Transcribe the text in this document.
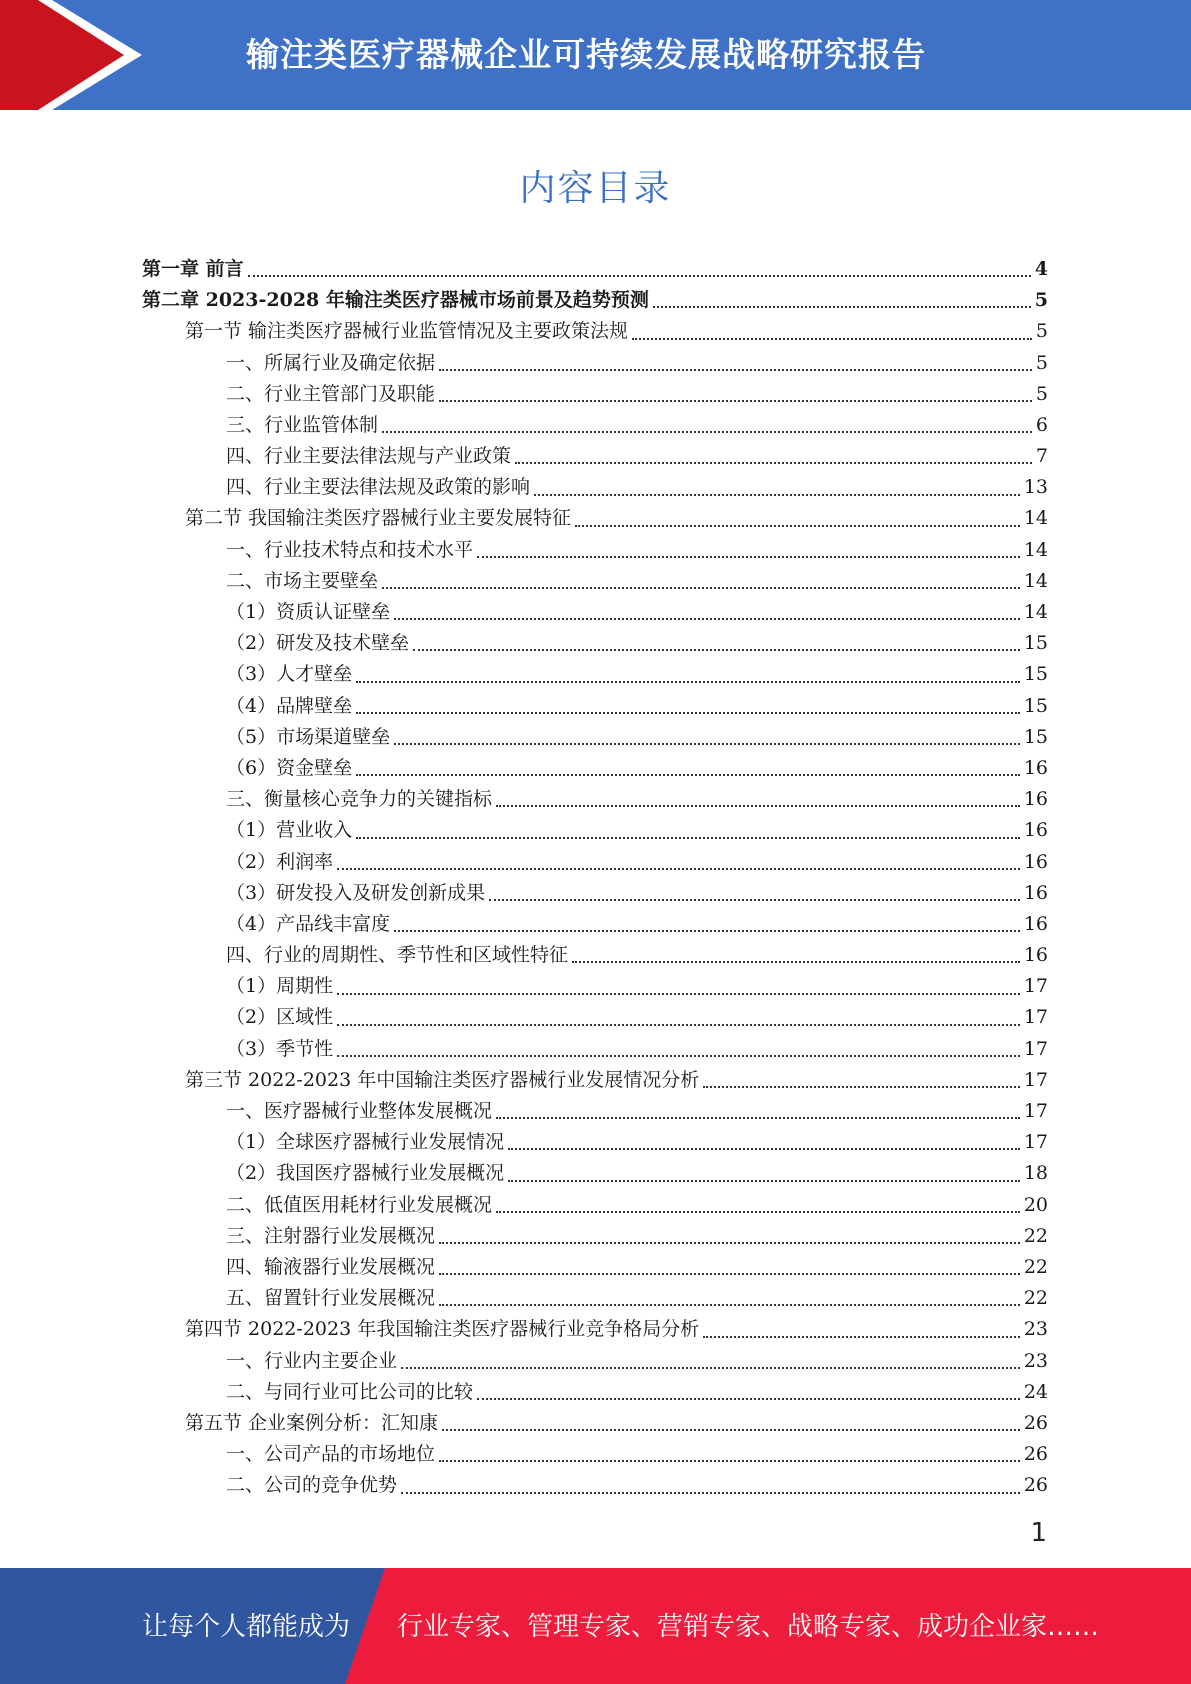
输注类医疗器械企业可持续发展战略研究报告
内容目录
第一章 前言	4
第二章 2023-2028 年输注类医疗器械市场前景及趋势预测	5
第一节 输注类医疗器械行业监管情况及主要政策法规	5
一、所属行业及确定依据	5
二、行业主管部门及职能	5
三、行业监管体制	6
四、行业主要法律法规与产业政策	7
四、行业主要法律法规及政策的影响	13
第二节 我国输注类医疗器械行业主要发展特征	14
一、行业技术特点和技术水平	14
二、市场主要壁垒	14
（1）资质认证壁垒	14
（2）研发及技术壁垒	15
（3）人才壁垒	15
（4）品牌壁垒	15
（5）市场渠道壁垒	15
（6）资金壁垒	16
三、衡量核心竞争力的关键指标	16
（1）营业收入	16
（2）利润率	16
（3）研发投入及研发创新成果	16
（4）产品线丰富度	16
四、行业的周期性、季节性和区域性特征	16
（1）周期性	17
（2）区域性	17
（3）季节性	17
第三节 2022-2023 年中国输注类医疗器械行业发展情况分析	17
一、医疗器械行业整体发展概况	17
（1）全球医疗器械行业发展情况	17
（2）我国医疗器械行业发展概况	18
二、低值医用耗材行业发展概况	20
三、注射器行业发展概况	22
四、输液器行业发展概况	22
五、留置针行业发展概况	22
第四节 2022-2023 年我国输注类医疗器械行业竞争格局分析	23
一、行业内主要企业	23
二、与同行业可比公司的比较	24
第五节 企业案例分析：汇知康	26
一、公司产品的市场地位	26
二、公司的竞争优势	26
1
让每个人都能成为 行业专家、管理专家、营销专家、战略专家、成功企业家……
